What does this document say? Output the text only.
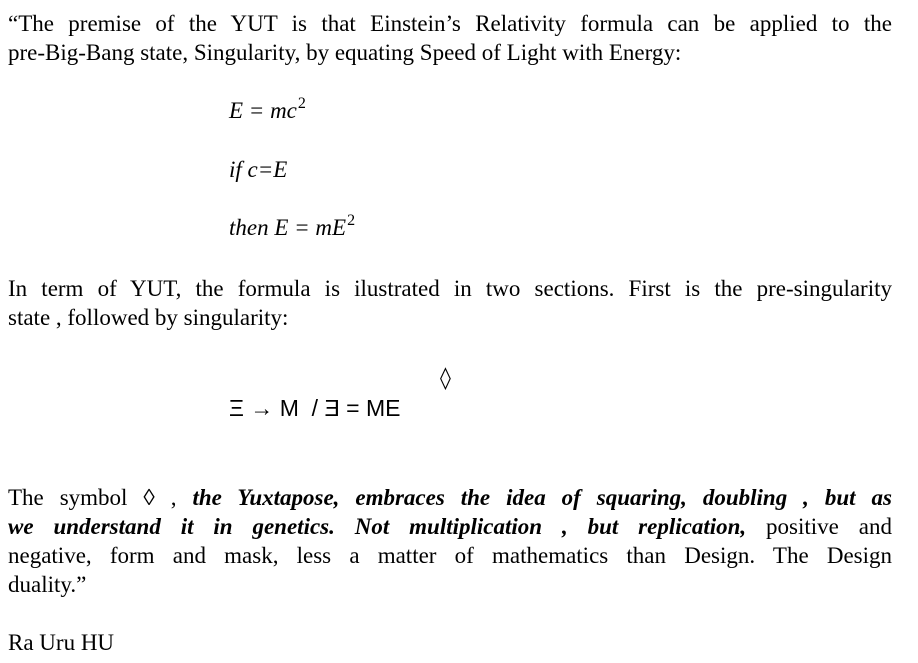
“The premise of the YUT is that Einstein’s Relativity formula can be applied to the
pre-Big-Bang state, Singularity, by equating Speed of Light with Energy:

$E = mc^2$
if c=E
then $E = mE^2$

In term of YUT, the formula is ilustrated in two sections. First is the pre-singularity
state , followed by singularity:

◊
Ξ → M  / Ǝ = ME

The symbol ◊ , the Yuxtapose, embraces the idea of squaring, doubling , but as
we understand it in genetics. Not multiplication , but replication, positive and
negative, form and mask, less a matter of mathematics than Design. The Design
duality.”

Ra Uru HU
